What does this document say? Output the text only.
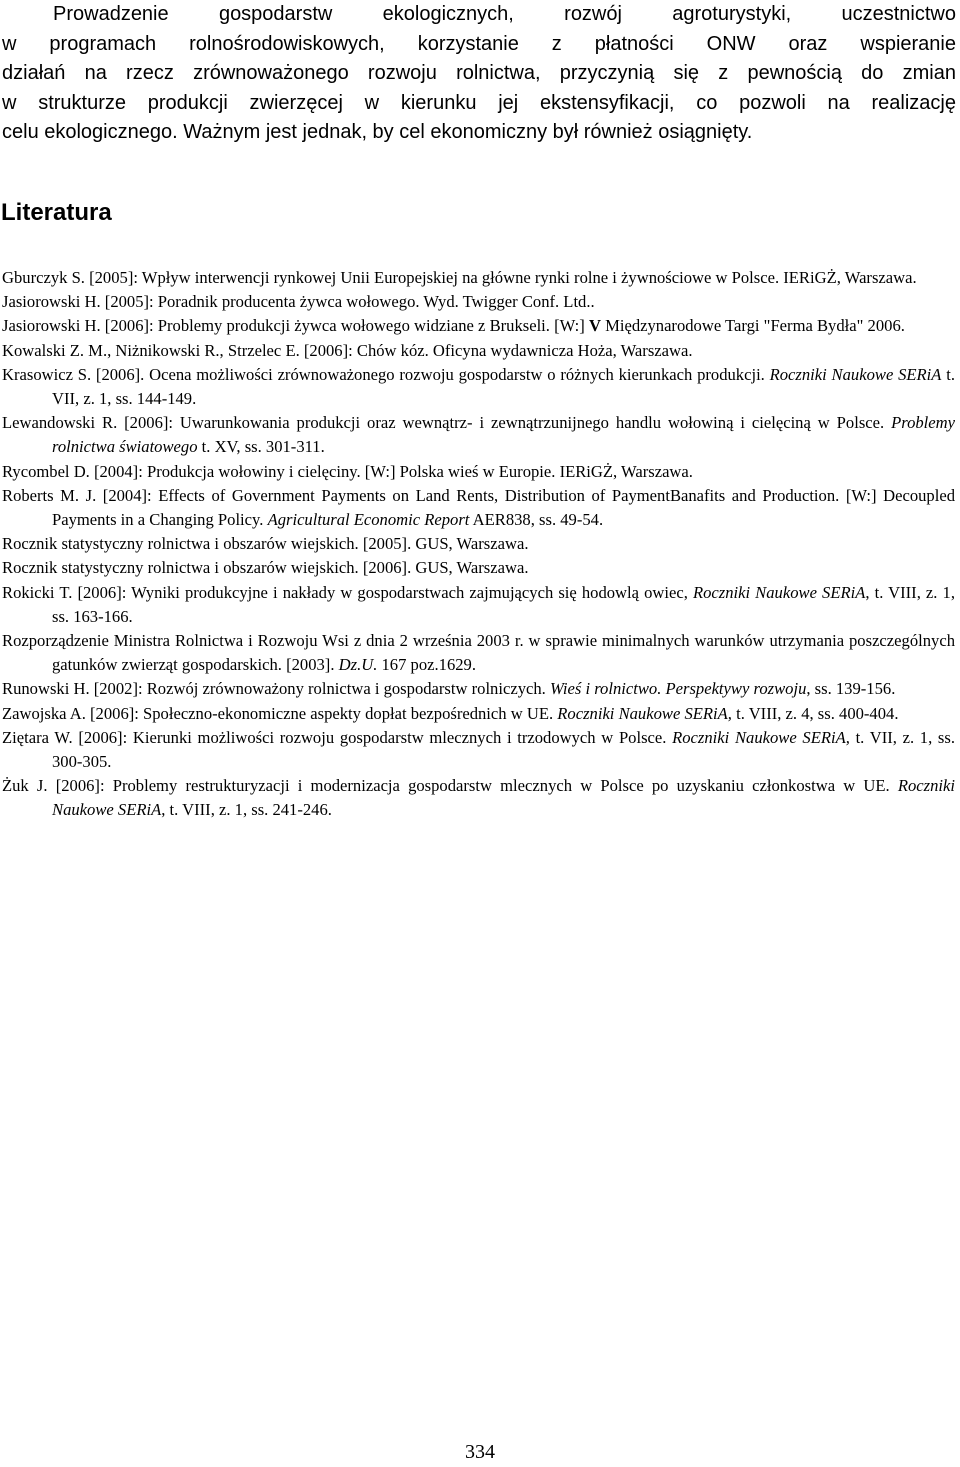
Prowadzenie gospodarstw ekologicznych, rozwój agroturystyki, uczestnictwo
w programach rolnośrodowiskowych, korzystanie z płatności ONW oraz wspieranie
działań na rzecz zrównoważonego rozwoju rolnictwa, przyczynią się z pewnością do zmian
w strukturze produkcji zwierzęcej w kierunku jej ekstensyfikacji, co pozwoli na realizację
celu ekologicznego. Ważnym jest jednak, by cel ekonomiczny był również osiągnięty.
Literatura
Gburczyk S. [2005]: Wpływ interwencji rynkowej Unii Europejskiej na główne rynki rolne i żywnościowe w Polsce. IERiGŻ, Warszawa.
Jasiorowski H. [2005]: Poradnik producenta żywca wołowego. Wyd. Twigger Conf. Ltd..
Jasiorowski H. [2006]: Problemy produkcji żywca wołowego widziane z Brukseli. [W:] V Międzynarodowe Targi "Ferma Bydła" 2006.
Kowalski Z. M., Niżnikowski R., Strzelec E. [2006]: Chów kóz. Oficyna wydawnicza Hoża, Warszawa.
Krasowicz S. [2006]. Ocena możliwości zrównoważonego rozwoju gospodarstw o różnych kierunkach produkcji. Roczniki Naukowe SERiA t. VII, z. 1, ss. 144-149.
Lewandowski R. [2006]: Uwarunkowania produkcji oraz wewnątrz- i zewnątrzunijnego handlu wołowiną i cielęciną w Polsce. Problemy rolnictwa światowego t. XV, ss. 301-311.
Rycombel D. [2004]: Produkcja wołowiny i cielęciny. [W:] Polska wieś w Europie. IERiGŻ, Warszawa.
Roberts M. J. [2004]: Effects of Government Payments on Land Rents, Distribution of PaymentBanafits and Production. [W:] Decoupled Payments in a Changing Policy. Agricultural Economic Report AER838, ss. 49-54.
Rocznik statystyczny rolnictwa i obszarów wiejskich. [2005]. GUS, Warszawa.
Rocznik statystyczny rolnictwa i obszarów wiejskich. [2006]. GUS, Warszawa.
Rokicki T. [2006]: Wyniki produkcyjne i nakłady w gospodarstwach zajmujących się hodowlą owiec, Roczniki Naukowe SERiA, t. VIII, z. 1, ss. 163-166.
Rozporządzenie Ministra Rolnictwa i Rozwoju Wsi z dnia 2 września 2003 r. w sprawie minimalnych warunków utrzymania poszczególnych gatunków zwierząt gospodarskich. [2003]. Dz.U. 167 poz.1629.
Runowski H. [2002]: Rozwój zrównoważony rolnictwa i gospodarstw rolniczych. Wieś i rolnictwo. Perspektywy rozwoju, ss. 139-156.
Zawojska A. [2006]: Społeczno-ekonomiczne aspekty dopłat bezpośrednich w UE. Roczniki Naukowe SERiA, t. VIII, z. 4, ss. 400-404.
Ziętara W. [2006]: Kierunki możliwości rozwoju gospodarstw mlecznych i trzodowych w Polsce. Roczniki Naukowe SERiA, t. VII, z. 1, ss. 300-305.
Żuk J. [2006]: Problemy restrukturyzacji i modernizacja gospodarstw mlecznych w Polsce po uzyskaniu członkostwa w UE. Roczniki Naukowe SERiA, t. VIII, z. 1, ss. 241-246.
334
